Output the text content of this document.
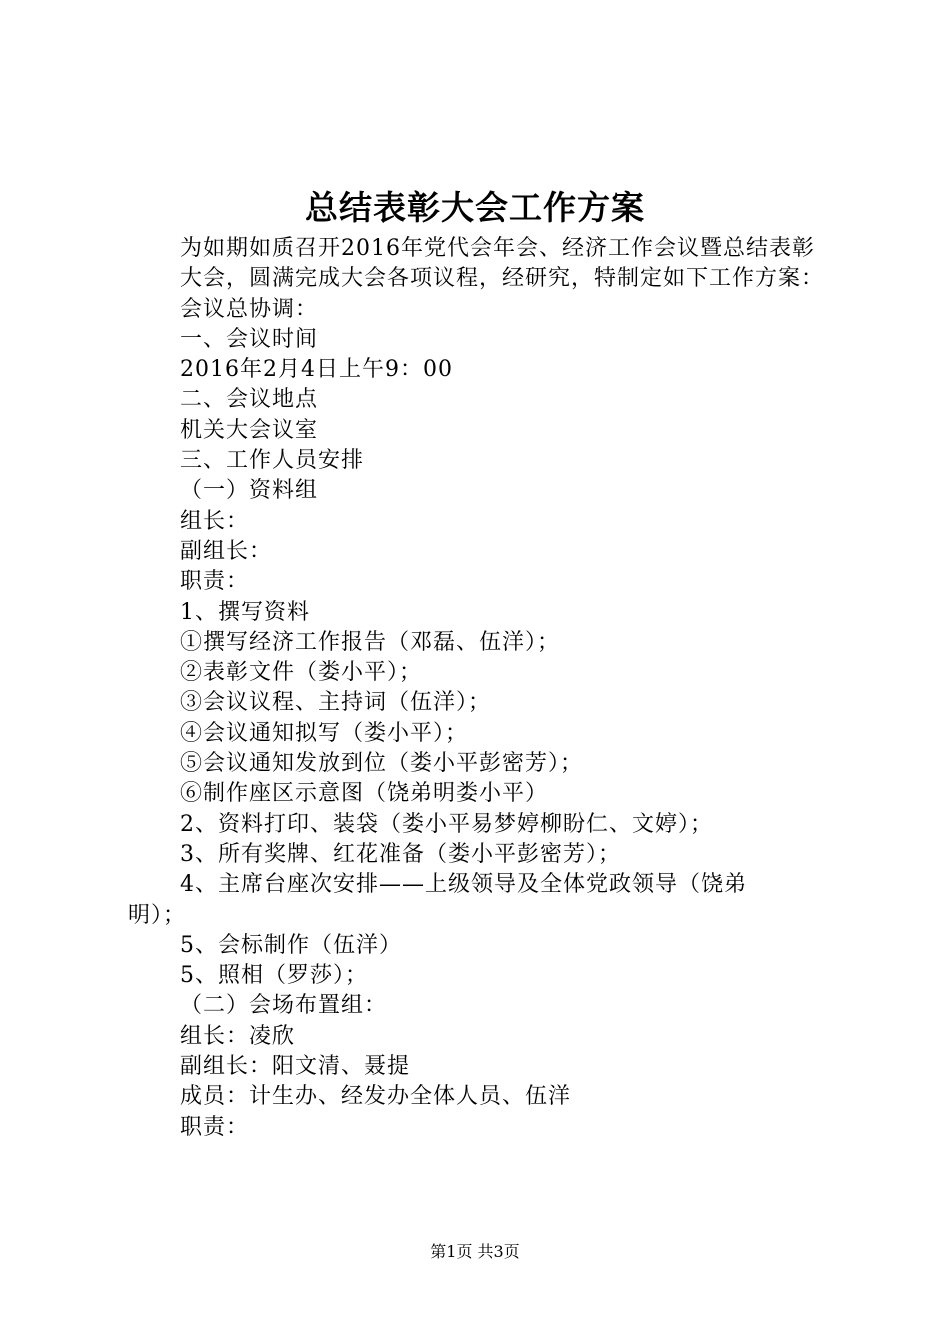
总结表彰大会工作方案
为如期如质召开2016年党代会年会、经济工作会议暨总结表彰大会，圆满完成大会各项议程，经研究，特制定如下工作方案：
会议总协调：
一、会议时间
2016年2月4日上午9：00
二、会议地点
机关大会议室
三、工作人员安排
（一）资料组
组长：
副组长：
职责：
1、撰写资料
①撰写经济工作报告（邓磊、伍洋）；
②表彰文件（娄小平）；
③会议议程、主持词（伍洋）；
④会议通知拟写（娄小平）；
⑤会议通知发放到位（娄小平彭密芳）；
⑥制作座区示意图（饶弟明娄小平）
2、资料打印、装袋（娄小平易梦婷柳盼仁、文婷）；
3、所有奖牌、红花准备（娄小平彭密芳）；
4、主席台座次安排——上级领导及全体党政领导（饶弟
明）；
5、会标制作（伍洋）
5、照相（罗莎）；
（二）会场布置组：
组长：凌欣
副组长：阳文清、聂提
成员：计生办、经发办全体人员、伍洋
职责：
第1页 共3页
